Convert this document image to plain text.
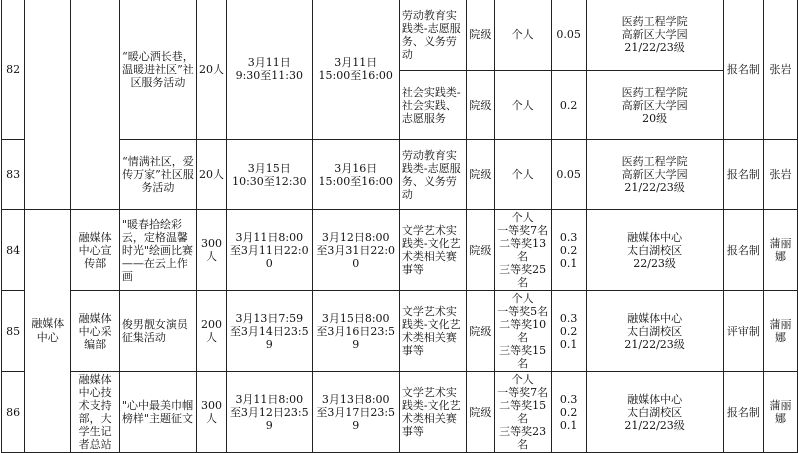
82			“暖心洒长巷，温暖进社区”社区服务活动	20人	3月11日
9:30至11:30	3月11日
15:00至16:00	劳动教育实践类-志愿服务、义务劳动	院级	个人	0.05	医药工程学院
高新区大学园
21/22/23级	报名制	张岩
							社会实践类-社会实践、志愿服务	院级	个人	0.2	医药工程学院
高新区大学园
20级		
83			“情满社区，爱传万家”社区服务活动	20人	3月15日
10:30至12:30	3月16日
15:00至16:00	劳动教育实践类-志愿服务、义务劳动	院级	个人	0.05	医药工程学院
高新区大学园
21/22/23级	报名制	张岩
84	融媒体中心	融媒体中心宣传部	"暖春拾绘彩云，定格温馨时光"绘画比赛——在云上作画	300人	3月11日8:00
至3月11日22:00	3月12日8:00
至3月31日22:00	文学艺术实践类-文化艺术类相关赛事等	院级	个人
一等奖7名
二等奖13名
三等奖25名	0.3
0.2
0.1	融媒体中心
太白湖校区
22/23级	报名制	蒲丽娜
85		融媒体中心采编部	俊男靓女演员征集活动	200人	3月13日7:59
至3月14日23:59	3月15日8:00
至3月16日23:59	文学艺术实践类-文化艺术类相关赛事等	院级	个人
一等奖5名
二等奖10名
三等奖15名	0.3
0.2
0.1	融媒体中心
太白湖校区
21/22/23级	评审制	蒲丽娜
86		融媒体中心技术支持部，大学生记者总站	"心中最美巾帼榜样"主题征文	300人	3月11日8:00
至3月12日23:59	3月13日8:00
至3月17日23:59	文学艺术实践类-文化艺术类相关赛事等	院级	个人
一等奖7名
二等奖15名
三等奖23名	0.3
0.2
0.1	融媒体中心
太白湖校区
21/22/23级	报名制	蒲丽娜
